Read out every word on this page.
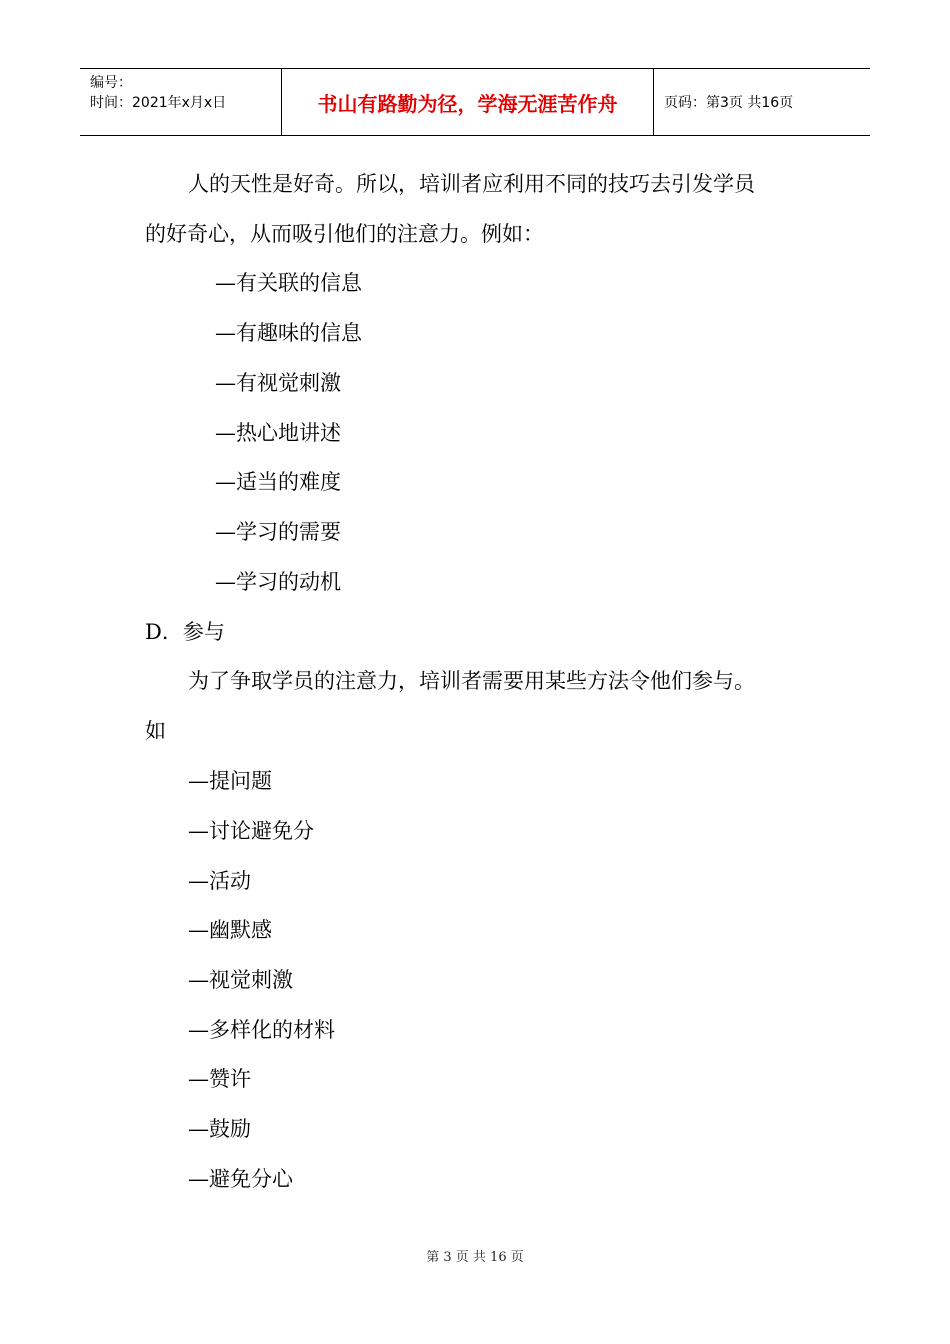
编号：
时间：2021年x月x日	书山有路勤为径，学海无涯苦作舟	页码：第3页 共16页
人的天性是好奇。所以，培训者应利用不同的技巧去引发学员
的好奇心，从而吸引他们的注意力。例如：
—有关联的信息
—有趣味的信息
—有视觉刺激
—热心地讲述
—适当的难度
—学习的需要
—学习的动机
D．参与
为了争取学员的注意力，培训者需要用某些方法令他们参与。
如
—提问题
—讨论避免分
—活动
—幽默感
—视觉刺激
—多样化的材料
—赞许
—鼓励
—避免分心
第 3 页 共 16 页
